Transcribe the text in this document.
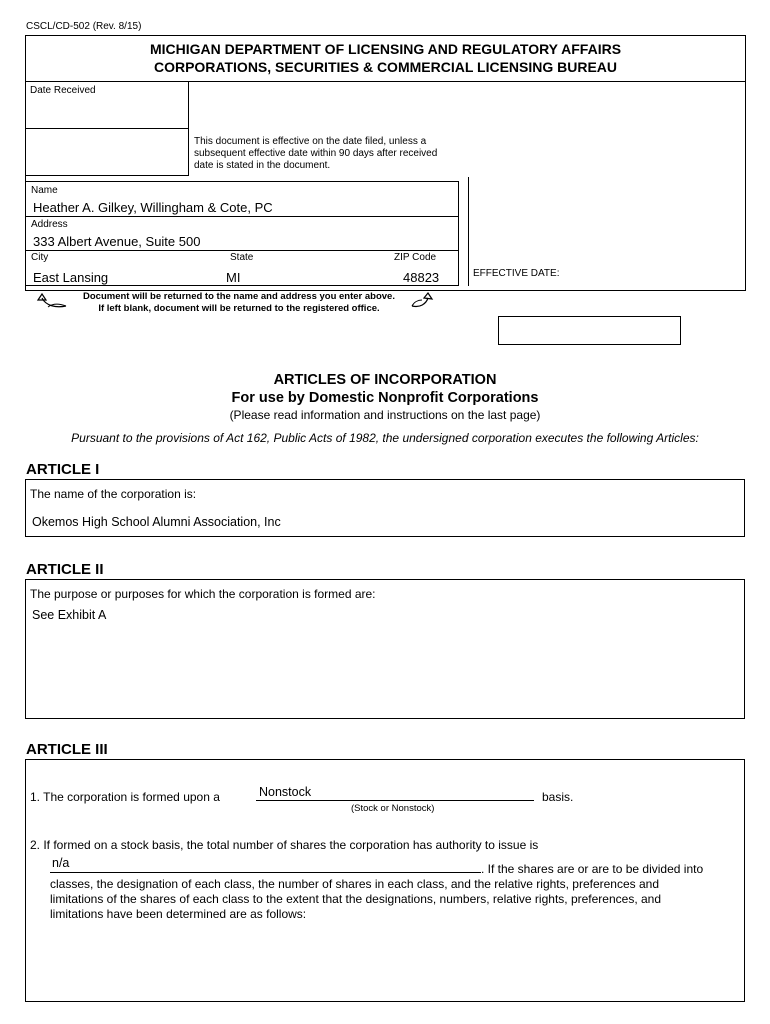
CSCL/CD-502 (Rev. 8/15)
MICHIGAN DEPARTMENT OF LICENSING AND REGULATORY AFFAIRS
CORPORATIONS, SECURITIES & COMMERCIAL LICENSING BUREAU
Date Received
This document is effective on the date filed, unless a subsequent effective date within 90 days after received date is stated in the document.
Name
Heather A. Gilkey, Willingham & Cote, PC
Address
333 Albert Avenue, Suite 500
City	State	ZIP Code
East Lansing	MI	48823	EFFECTIVE DATE:
Document will be returned to the name and address you enter above.
If left blank, document will be returned to the registered office.
ARTICLES OF INCORPORATION
For use by Domestic Nonprofit Corporations
(Please read information and instructions on the last page)
Pursuant to the provisions of Act 162, Public Acts of 1982, the undersigned corporation executes the following Articles:
ARTICLE I
The name of the corporation is:
Okemos High School Alumni Association, Inc
ARTICLE II
The purpose or purposes for which the corporation is formed are:
See Exhibit A
ARTICLE III
1. The corporation is formed upon a	Nonstock	basis.
(Stock or Nonstock)
2. If formed on a stock basis, the total number of shares the corporation has authority to issue is
n/a	. If the shares are or are to be divided into
classes, the designation of each class, the number of shares in each class, and the relative rights, preferences and
limitations of the shares of each class to the extent that the designations, numbers, relative rights, preferences, and
limitations have been determined are as follows:
